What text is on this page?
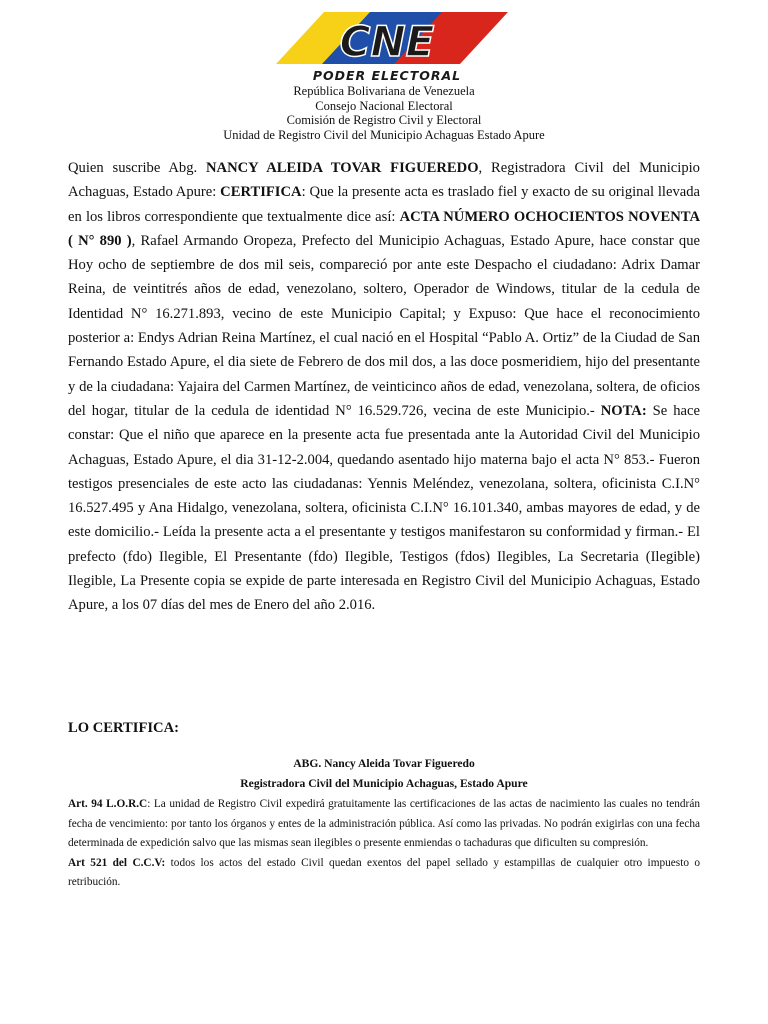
CNE
PODER ELECTORAL
República Bolivariana de Venezuela
Consejo Nacional Electoral
Comisión de Registro Civil y Electoral
Unidad de Registro Civil del Municipio Achaguas Estado Apure
Quien suscribe Abg. NANCY ALEIDA TOVAR FIGUEREDO, Registradora Civil del Municipio Achaguas, Estado Apure: CERTIFICA: Que la presente acta es traslado fiel y exacto de su original llevada en los libros correspondiente que textualmente dice así: ACTA NÚMERO OCHOCIENTOS NOVENTA ( N° 890 ), Rafael Armando Oropeza, Prefecto del Municipio Achaguas, Estado Apure, hace constar que Hoy ocho de septiembre de dos mil seis, compareció por ante este Despacho el ciudadano: Adrix Damar Reina, de veintitrés años de edad, venezolano, soltero, Operador de Windows, titular de la cedula de Identidad N° 16.271.893, vecino de este Municipio Capital; y Expuso: Que hace el reconocimiento posterior a: Endys Adrian Reina Martínez, el cual nació en el Hospital “Pablo A. Ortiz” de la Ciudad de San Fernando Estado Apure, el dia siete de Febrero de dos mil dos, a las doce posmeridiem, hijo del presentante y de la ciudadana: Yajaira del Carmen Martínez, de veinticinco años de edad, venezolana, soltera, de oficios del hogar, titular de la cedula de identidad N° 16.529.726, vecina de este Municipio.- NOTA: Se hace constar: Que el niño que aparece en la presente acta fue presentada ante la Autoridad Civil del Municipio Achaguas, Estado Apure, el dia 31-12-2.004, quedando asentado hijo materna bajo el acta N° 853.- Fueron testigos presenciales de este acto las ciudadanas: Yennis Meléndez, venezolana, soltera, oficinista C.I.N° 16.527.495 y Ana Hidalgo, venezolana, soltera, oficinista C.I.N° 16.101.340, ambas mayores de edad, y de este domicilio.- Leída la presente acta a el presentante y testigos manifestaron su conformidad y firman.- El prefecto (fdo) Ilegible, El Presentante (fdo) Ilegible, Testigos (fdos) Ilegibles, La Secretaria (Ilegible) Ilegible, La Presente copia se expide de parte interesada en Registro Civil del Municipio Achaguas, Estado Apure, a los 07 días del mes de Enero del año 2.016.
LO CERTIFICA:
ABG. Nancy Aleida Tovar Figueredo
Registradora Civil del Municipio Achaguas, Estado Apure

Art. 94 L.O.R.C: La unidad de Registro Civil expedirá gratuitamente las certificaciones de las actas de nacimiento las cuales no tendrán fecha de vencimiento: por tanto los órganos y entes de la administración pública. Así como las privadas. No podrán exigirlas con una fecha determinada de expedición salvo que las mismas sean ilegibles o presente enmiendas o tachaduras que dificulten su compresión.

Art 521 del C.C.V: todos los actos del estado Civil quedan exentos del papel sellado y estampillas de cualquier otro impuesto o retribución.
